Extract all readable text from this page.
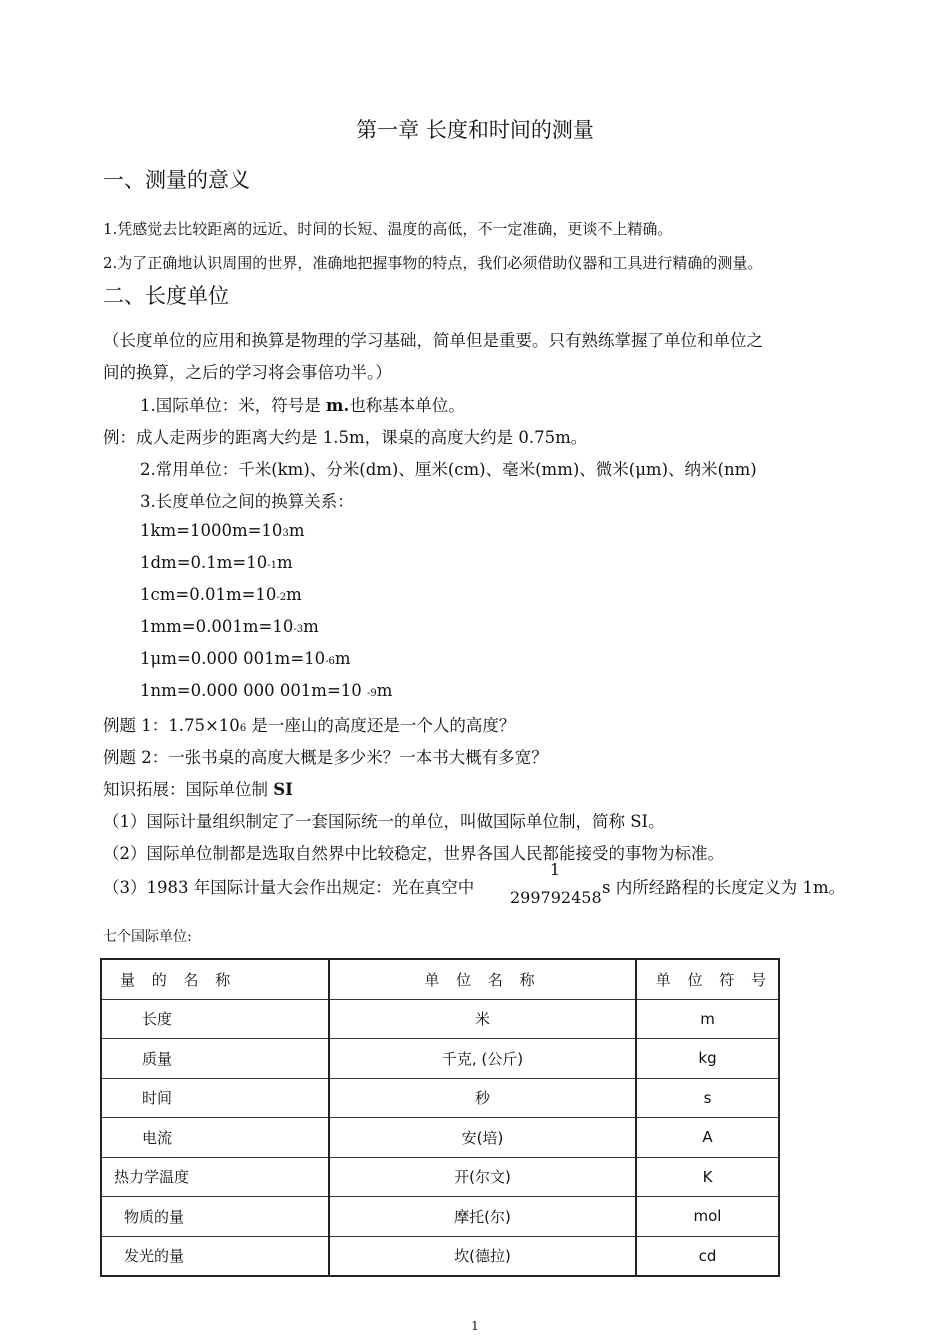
第一章 长度和时间的测量
一、测量的意义
1.凭感觉去比较距离的远近、时间的长短、温度的高低，不一定准确，更谈不上精确。
2.为了正确地认识周围的世界，准确地把握事物的特点，我们必须借助仪器和工具进行精确的测量。
二、长度单位
（长度单位的应用和换算是物理的学习基础，简单但是重要。只有熟练掌握了单位和单位之
间的换算，之后的学习将会事倍功半。）
1.国际单位：米，符号是 m.也称基本单位。
例：成人走两步的距离大约是 1.5m，课桌的高度大约是 0.75m。
2.常用单位：千米(km)、分米(dm)、厘米(cm)、毫米(mm)、微米(μm)、纳米(nm)
3.长度单位之间的换算关系：
1km=1000m=103m
1dm=0.1m=10-1m
1cm=0.01m=10-2m
1mm=0.001m=10-3m
1μm=0.000 001m=10-6m
1nm=0.000 000 001m=10 -9m
例题 1：1.75×106 是一座山的高度还是一个人的高度？
例题 2：一张书桌的高度大概是多少米？一本书大概有多宽？
知识拓展：国际单位制 SI
（1）国际计量组织制定了一套国际统一的单位，叫做国际单位制，简称 SI。
（2）国际单位制都是选取自然界中比较稳定，世界各国人民都能接受的事物为标准。
（3）1983 年国际计量大会作出规定：光在真空中
1
299792458
s 内所经路程的长度定义为 1m。
七个国际单位:
量 的 名 称	单 位 名 称	单 位 符 号
长度	米	m
质量	千克, (公斤)	kg
时间	秒	s
电流	安(培)	A
热力学温度	开(尔文)	K
物质的量	摩托(尔)	mol
发光的量	坎(德拉)	cd
1
